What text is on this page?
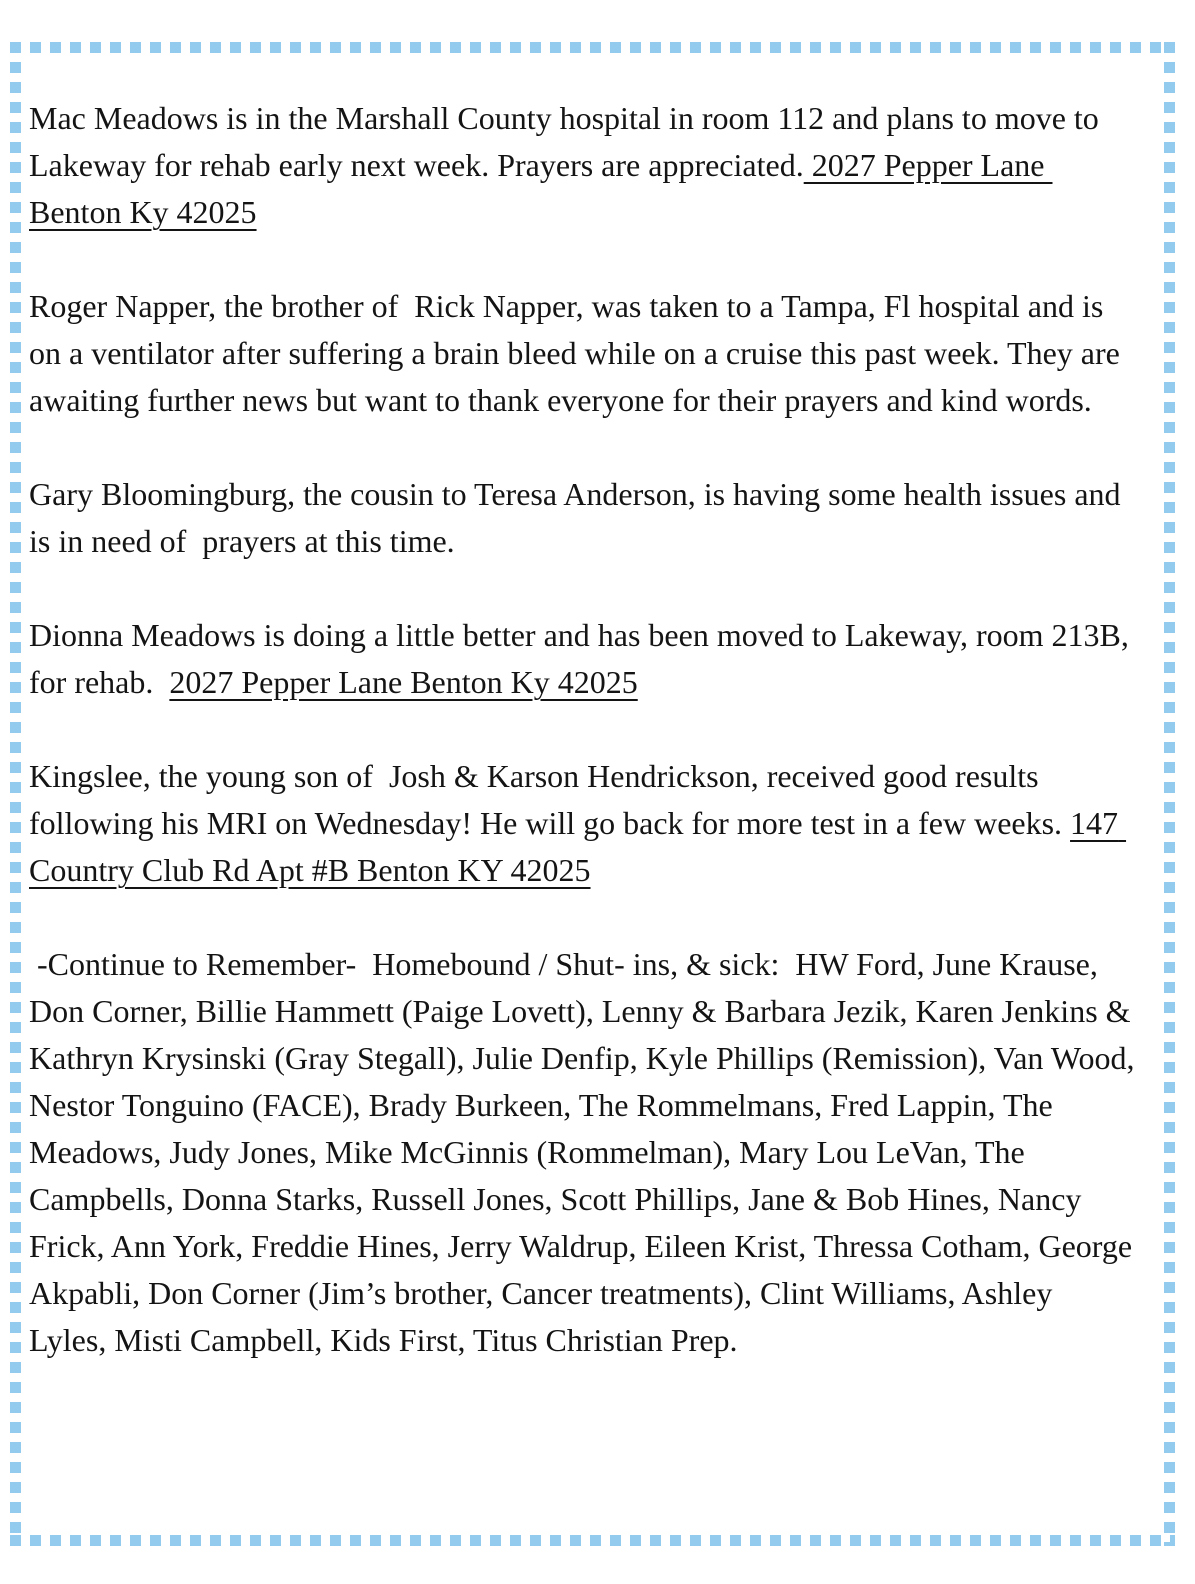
Mac Meadows is in the Marshall County hospital in room 112 and plans to move to Lakeway for rehab early next week. Prayers are appreciated. 2027 Pepper Lane Benton Ky 42025

Roger Napper, the brother of  Rick Napper, was taken to a Tampa, Fl hospital and is on a ventilator after suffering a brain bleed while on a cruise this past week. They are awaiting further news but want to thank everyone for their prayers and kind words.

Gary Bloomingburg, the cousin to Teresa Anderson, is having some health issues and is in need of  prayers at this time.

Dionna Meadows is doing a little better and has been moved to Lakeway, room 213B, for rehab.  2027 Pepper Lane Benton Ky 42025

Kingslee, the young son of  Josh & Karson Hendrickson, received good results following his MRI on Wednesday! He will go back for more test in a few weeks. 147 Country Club Rd Apt #B Benton KY 42025

-Continue to Remember-  Homebound / Shut- ins, & sick:  HW Ford, June Krause, Don Corner, Billie Hammett (Paige Lovett), Lenny & Barbara Jezik, Karen Jenkins & Kathryn Krysinski (Gray Stegall), Julie Denfip, Kyle Phillips (Remission), Van Wood, Nestor Tonguino (FACE), Brady Burkeen, The Rommelmans, Fred Lappin, The Meadows, Judy Jones, Mike McGinnis (Rommelman), Mary Lou LeVan, The Campbells, Donna Starks, Russell Jones, Scott Phillips, Jane & Bob Hines, Nancy Frick, Ann York, Freddie Hines, Jerry Waldrup, Eileen Krist, Thressa Cotham, George Akpabli, Don Corner (Jim’s brother, Cancer treatments), Clint Williams, Ashley Lyles, Misti Campbell, Kids First, Titus Christian Prep.
